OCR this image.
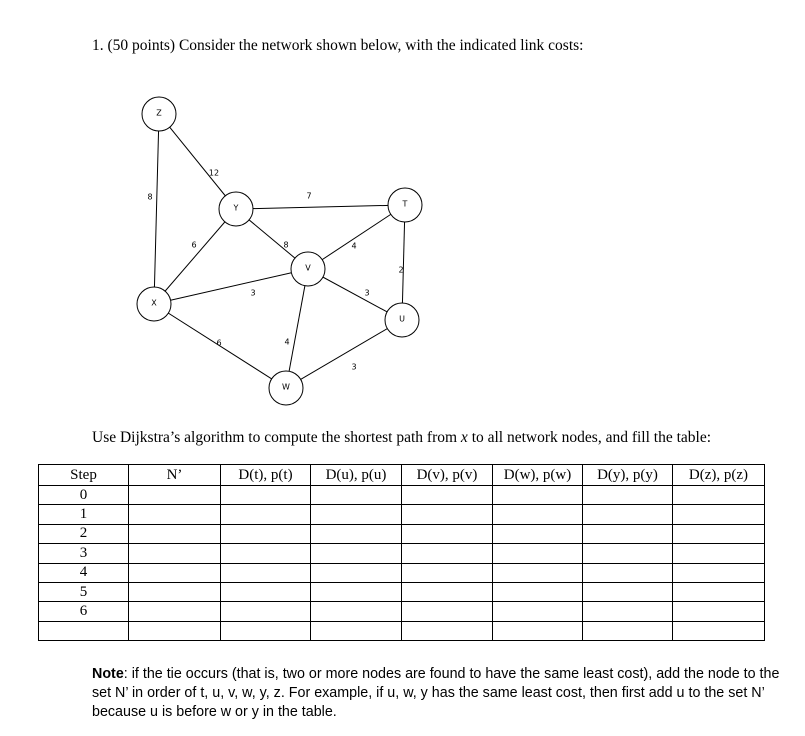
1. (50 points) Consider the network shown below, with the indicated link costs:
8
12
7
6	8	4
2
3	3
6	4
3
Z
Y	T
V
X
U
W
Use Dijkstra’s algorithm to compute the shortest path from x to all network nodes, and fill the table:
Step	N’	D(t), p(t)	D(u), p(u)	D(v), p(v)	D(w), p(w)	D(y), p(y)	D(z), p(z)
0							
1							
2							
3							
4							
5							
6							

Note: if the tie occurs (that is, two or more nodes are found to have the same least cost), add the node to the set N’ in order of t, u, v, w, y, z. For example, if u, w, y has the same least cost, then first add u to the set N’ because u is before w or y in the table.
